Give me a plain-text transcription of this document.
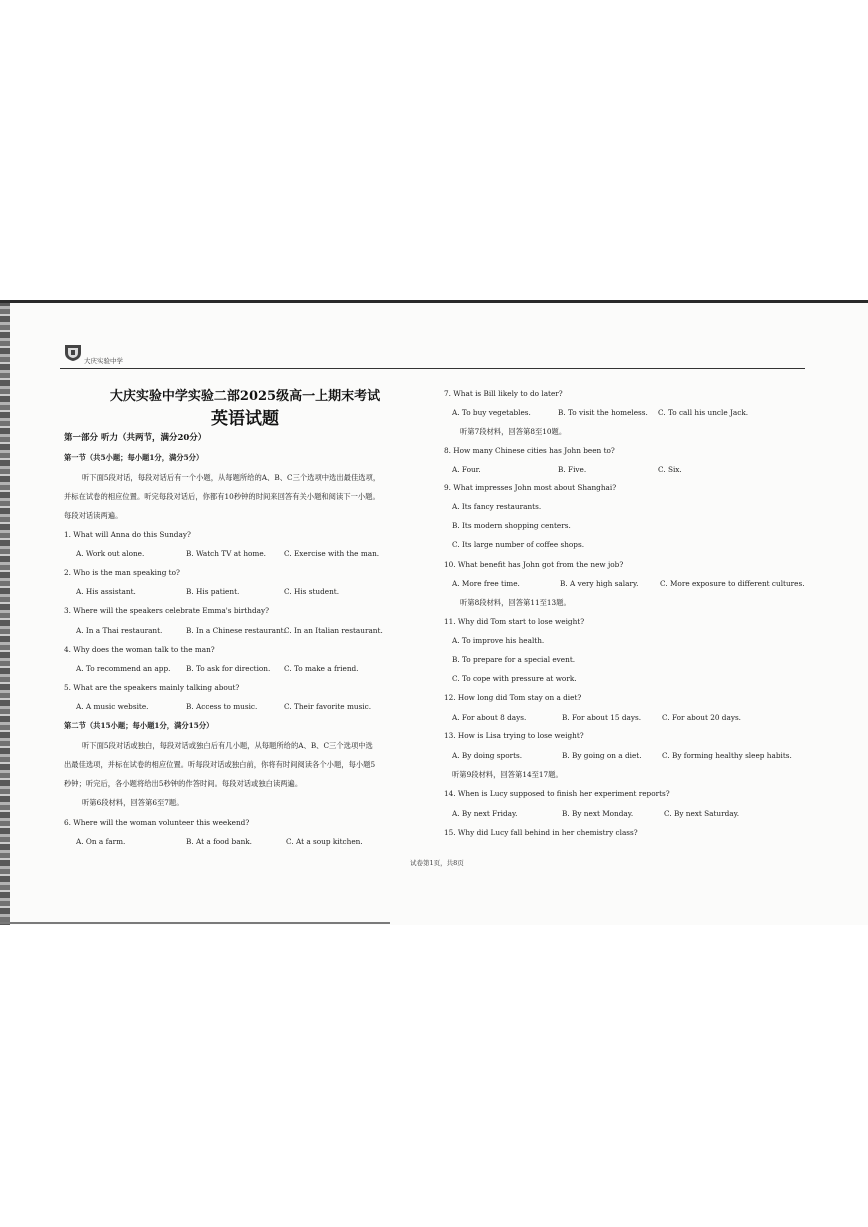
大庆实验中学
大庆实验中学实验二部2025级高一上期末考试
英语试题
第一部分 听力（共两节，满分20分）
第一节（共5小题；每小题1分，满分5分）
听下面5段对话，每段对话后有一个小题，从每题所给的A、B、C三个选项中选出最佳选项，
并标在试卷的相应位置。听完每段对话后，你都有10秒钟的时间来回答有关小题和阅读下一小题。
每段对话读两遍。
1. What will Anna do this Sunday?
A. Work out alone.	B. Watch TV at home. C. Exercise with the man.
2. Who is the man speaking to?
A. His assistant.	B. His patient.	C. His student.
3. Where will the speakers celebrate Emma's birthday?
A. In a Thai restaurant.	B. In a Chinese restaurant.
C. In an Italian restaurant.
4. Why does the woman talk to the man?
A. To recommend an app. B. To ask for direction. C. To make a friend.
5. What are the speakers mainly talking about?
A. A music website.	B. Access to music.	C. Their favorite music.
第二节（共15小题；每小题1分，满分15分）
听下面5段对话或独白，每段对话或独白后有几小题，从每题所给的A、B、C三个选项中选
出最佳选项，并标在试卷的相应位置。听每段对话或独白前，你将有时间阅读各个小题，每小题5
秒钟；听完后，各小题将给出5秒钟的作答时间。每段对话或独白读两遍。
听第6段材料，回答第6至7题。
6. Where will the woman volunteer this weekend?
A. On a farm.	B. At a food bank.	C. At a soup kitchen.
7. What is Bill likely to do later?
A. To buy vegetables.	B. To visit the homeless. C. To call his uncle Jack.
听第7段材料，回答第8至10题。
8. How many Chinese cities has John been to?
A. Four.	B. Five.	C. Six.
9. What impresses John most about Shanghai?
A. Its fancy restaurants.
B. Its modern shopping centers.
C. Its large number of coffee shops.
10. What benefit has John got from the new job?
A. More free time.	B. A very high salary.	C. More exposure to different cultures.
听第8段材料，回答第11至13题。
11. Why did Tom start to lose weight?
A. To improve his health.
B. To prepare for a special event.
C. To cope with pressure at work.
12. How long did Tom stay on a diet?
A. For about 8 days.	B. For about 15 days.	C. For about 20 days.
13. How is Lisa trying to lose weight?
A. By doing sports.	B. By going on a diet.	C. By forming healthy sleep habits.
听第9段材料，回答第14至17题。
14. When is Lucy supposed to finish her experiment reports?
A. By next Friday.	B. By next Monday.	C. By next Saturday.
15. Why did Lucy fall behind in her chemistry class?
试卷第1页，共8页
